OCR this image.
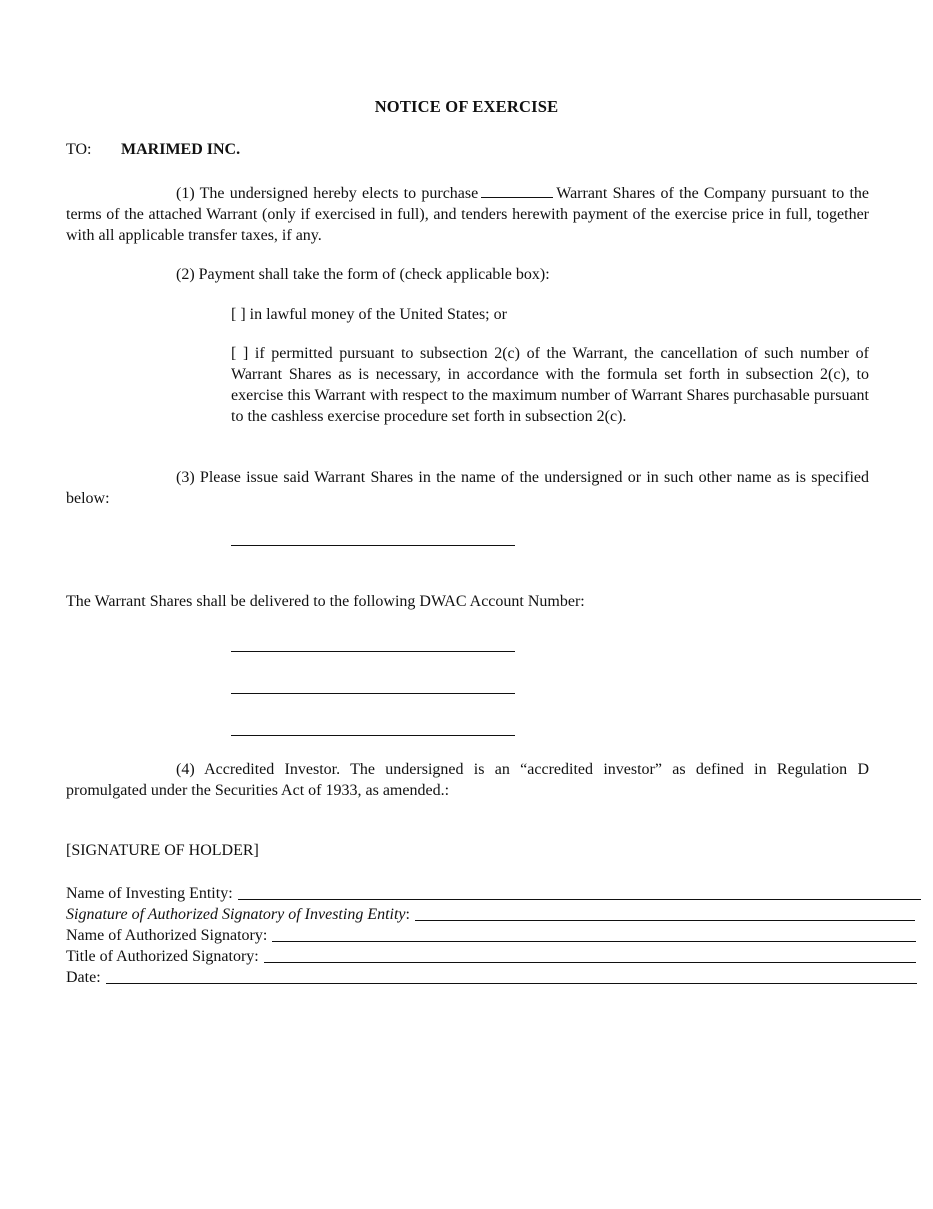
NOTICE OF EXERCISE
TO: MARIMED INC.
(1) The undersigned hereby elects to purchase	Warrant Shares of the Company pursuant to the terms of the attached Warrant (only if exercised in full), and tenders herewith payment of the exercise price in full, together with all applicable transfer taxes, if any.
(2) Payment shall take the form of (check applicable box):
[ ] in lawful money of the United States; or
[ ] if permitted pursuant to subsection 2(c) of the Warrant, the cancellation of such number of Warrant Shares as is necessary, in accordance with the formula set forth in subsection 2(c), to exercise this Warrant with respect to the maximum number of Warrant Shares purchasable pursuant to the cashless exercise procedure set forth in subsection 2(c).
(3) Please issue said Warrant Shares in the name of the undersigned or in such other name as is specified below:
The Warrant Shares shall be delivered to the following DWAC Account Number:
(4) Accredited Investor. The undersigned is an “accredited investor” as defined in Regulation D promulgated under the Securities Act of 1933, as amended.:
[SIGNATURE OF HOLDER]
Name of Investing Entity:
Signature of Authorized Signatory of Investing Entity:
Name of Authorized Signatory:
Title of Authorized Signatory:
Date:
